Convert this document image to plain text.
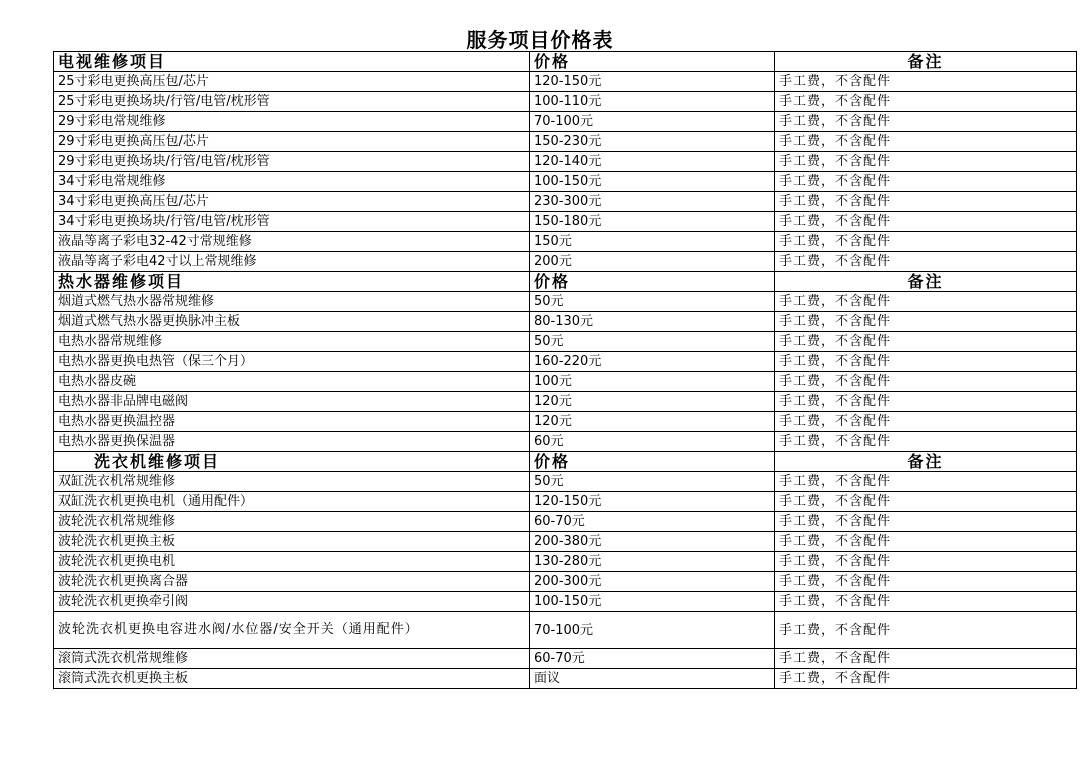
服务项目价格表
电视维修项目	价格	备注
25寸彩电更换高压包/芯片	120-150元	手工费，不含配件
25寸彩电更换场块/行管/电管/枕形管	100-110元	手工费，不含配件
29寸彩电常规维修	70-100元	手工费，不含配件
29寸彩电更换高压包/芯片	150-230元	手工费，不含配件
29寸彩电更换场块/行管/电管/枕形管	120-140元	手工费，不含配件
34寸彩电常规维修	100-150元	手工费，不含配件
34寸彩电更换高压包/芯片	230-300元	手工费，不含配件
34寸彩电更换场块/行管/电管/枕形管	150-180元	手工费，不含配件
液晶等离子彩电32-42寸常规维修	150元	手工费，不含配件
液晶等离子彩电42寸以上常规维修	200元	手工费，不含配件
热水器维修项目	价格	备注
烟道式燃气热水器常规维修	50元	手工费，不含配件
烟道式燃气热水器更换脉冲主板	80-130元	手工费，不含配件
电热水器常规维修	50元	手工费，不含配件
电热水器更换电热管（保三个月）	160-220元	手工费，不含配件
电热水器皮碗	100元	手工费，不含配件
电热水器非品牌电磁阀	120元	手工费，不含配件
电热水器更换温控器	120元	手工费，不含配件
电热水器更换保温器	60元	手工费，不含配件
洗衣机维修项目	价格	备注
双缸洗衣机常规维修	50元	手工费，不含配件
双缸洗衣机更换电机（通用配件）	120-150元	手工费，不含配件
波轮洗衣机常规维修	60-70元	手工费，不含配件
波轮洗衣机更换主板	200-380元	手工费，不含配件
波轮洗衣机更换电机	130-280元	手工费，不含配件
波轮洗衣机更换离合器	200-300元	手工费，不含配件
波轮洗衣机更换牵引阀	100-150元	手工费，不含配件
波轮洗衣机更换电容进水阀/水位器/安全开关（通用配件）	70-100元	手工费，不含配件
滚筒式洗衣机常规维修	60-70元	手工费，不含配件
滚筒式洗衣机更换主板	面议	手工费，不含配件
